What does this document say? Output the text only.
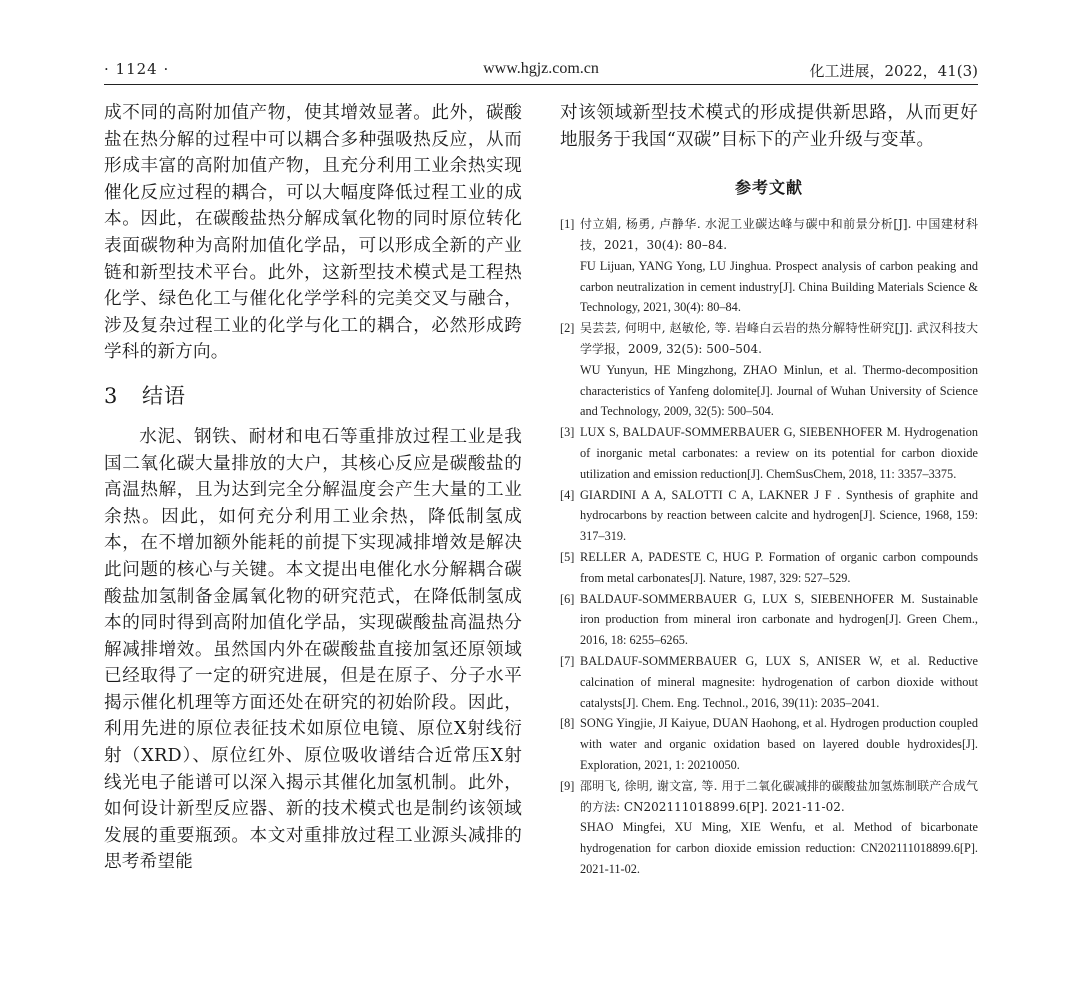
· 1124 ·	www.hgjz.com.cn	化工进展，2022，41(3)

成不同的高附加值产物，使其增效显著。此外，碳酸盐在热分解的过程中可以耦合多种强吸热反应，从而形成丰富的高附加值产物，且充分利用工业余热实现催化反应过程的耦合，可以大幅度降低过程工业的成本。因此，在碳酸盐热分解成氧化物的同时原位转化表面碳物种为高附加值化学品，可以形成全新的产业链和新型技术平台。此外，这新型技术模式是工程热化学、绿色化工与催化化学学科的完美交叉与融合，涉及复杂过程工业的化学与化工的耦合，必然形成跨学科的新方向。

3 结语

水泥、钢铁、耐材和电石等重排放过程工业是我国二氧化碳大量排放的大户，其核心反应是碳酸盐的高温热解，且为达到完全分解温度会产生大量的工业余热。因此，如何充分利用工业余热，降低制氢成本，在不增加额外能耗的前提下实现减排增效是解决此问题的核心与关键。本文提出电催化水分解耦合碳酸盐加氢制备金属氧化物的研究范式，在降低制氢成本的同时得到高附加值化学品，实现碳酸盐高温热分解减排增效。虽然国内外在碳酸盐直接加氢还原领域已经取得了一定的研究进展，但是在原子、分子水平揭示催化机理等方面还处在研究的初始阶段。因此，利用先进的原位表征技术如原位电镜、原位X射线衍射（XRD）、原位红外、原位吸收谱结合近常压X射线光电子能谱可以深入揭示其催化加氢机制。此外，如何设计新型反应器、新的技术模式也是制约该领域发展的重要瓶颈。本文对重排放过程工业源头减排的思考希望能

对该领域新型技术模式的形成提供新思路，从而更好地服务于我国“双碳”目标下的产业升级与变革。

参考文献
[1] 付立娟, 杨勇, 卢静华. 水泥工业碳达峰与碳中和前景分析[J]. 中国建材科技，2021，30(4): 80–84.

FU Lijuan, YANG Yong, LU Jinghua. Prospect analysis of carbon peaking and carbon neutralization in cement industry[J]. China Building Materials Science & Technology, 2021, 30(4): 80–84.

[2] 吴芸芸, 何明中, 赵敏伦, 等. 岩峰白云岩的热分解特性研究[J]. 武汉科技大学学报，2009, 32(5): 500–504.

WU Yunyun, HE Mingzhong, ZHAO Minlun, et al. Thermo-decomposition characteristics of Yanfeng dolomite[J]. Journal of Wuhan University of Science and Technology, 2009, 32(5): 500–504.

[3] LUX S, BALDAUF-SOMMERBAUER G, SIEBENHOFER M. Hydrogenation of inorganic metal carbonates: a review on its potential for carbon dioxide utilization and emission reduction[J]. ChemSusChem, 2018, 11: 3357–3375.

[4] GIARDINI A A, SALOTTI C A, LAKNER J F . Synthesis of graphite and hydrocarbons by reaction between calcite and hydrogen[J]. Science, 1968, 159: 317–319.

[5] RELLER A, PADESTE C, HUG P. Formation of organic carbon compounds from metal carbonates[J]. Nature, 1987, 329: 527–529.

[6] BALDAUF-SOMMERBAUER G, LUX S, SIEBENHOFER M. Sustainable iron production from mineral iron carbonate and hydrogen[J]. Green Chem., 2016, 18: 6255–6265.

[7] BALDAUF-SOMMERBAUER G, LUX S, ANISER W, et al. Reductive calcination of mineral magnesite: hydrogenation of carbon dioxide without catalysts[J]. Chem. Eng. Technol., 2016, 39(11): 2035–2041.

[8] SONG Yingjie, JI Kaiyue, DUAN Haohong, et al. Hydrogen production coupled with water and organic oxidation based on layered double hydroxides[J]. Exploration, 2021, 1: 20210050.

[9] 邵明飞, 徐明, 谢文富, 等. 用于二氧化碳减排的碳酸盐加氢炼制联产合成气的方法: CN202111018899.6[P]. 2021-11-02.

SHAO Mingfei, XU Ming, XIE Wenfu, et al. Method of bicarbonate hydrogenation for carbon dioxide emission reduction: CN202111018899.6[P]. 2021-11-02.
